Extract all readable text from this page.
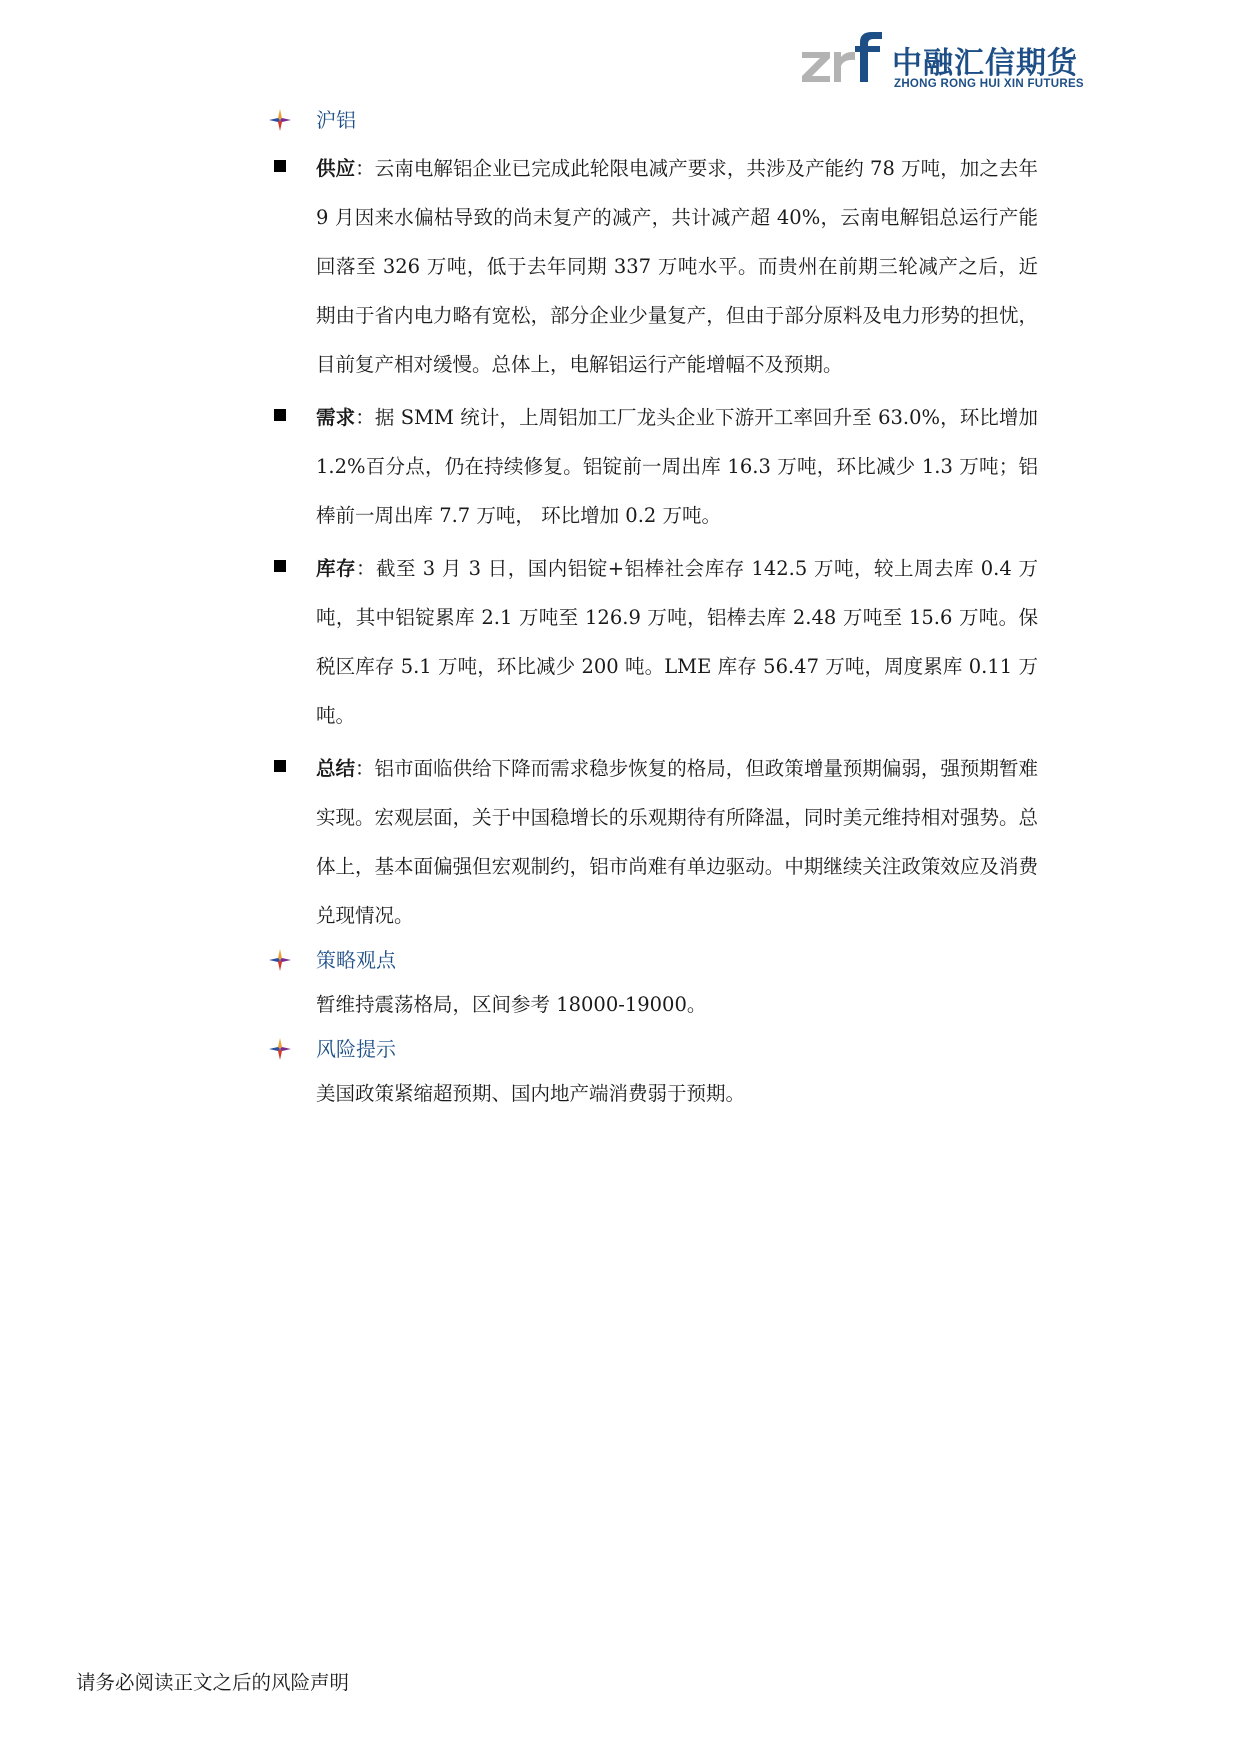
中融汇信期货
ZHONG RONG HUI XIN FUTURES
沪铝

供应：云南电解铝企业已完成此轮限电减产要求，共涉及产能约 78 万吨，加之去年 9 月因来水偏枯导致的尚未复产的减产，共计减产超 40%，云南电解铝总运行产能回落至 326 万吨，低于去年同期 337 万吨水平。而贵州在前期三轮减产之后，近期由于省内电力略有宽松，部分企业少量复产，但由于部分原料及电力形势的担忧，目前复产相对缓慢。总体上，电解铝运行产能增幅不及预期。

需求：据 SMM 统计，上周铝加工厂龙头企业下游开工率回升至 63.0%，环比增加 1.2%百分点，仍在持续修复。铝锭前一周出库 16.3 万吨，环比减少 1.3 万吨；铝棒前一周出库 7.7 万吨， 环比增加 0.2 万吨。

库存：截至 3 月 3 日，国内铝锭+铝棒社会库存 142.5 万吨，较上周去库 0.4 万吨，其中铝锭累库 2.1 万吨至 126.9 万吨，铝棒去库 2.48 万吨至 15.6 万吨。保税区库存 5.1 万吨，环比减少 200 吨。LME 库存 56.47 万吨，周度累库 0.11 万吨。

总结：铝市面临供给下降而需求稳步恢复的格局，但政策增量预期偏弱，强预期暂难实现。宏观层面，关于中国稳增长的乐观期待有所降温，同时美元维持相对强势。总体上，基本面偏强但宏观制约，铝市尚难有单边驱动。中期继续关注政策效应及消费兑现情况。

策略观点

暂维持震荡格局，区间参考 18000-19000。

风险提示

美国政策紧缩超预期、国内地产端消费弱于预期。

请务必阅读正文之后的风险声明
